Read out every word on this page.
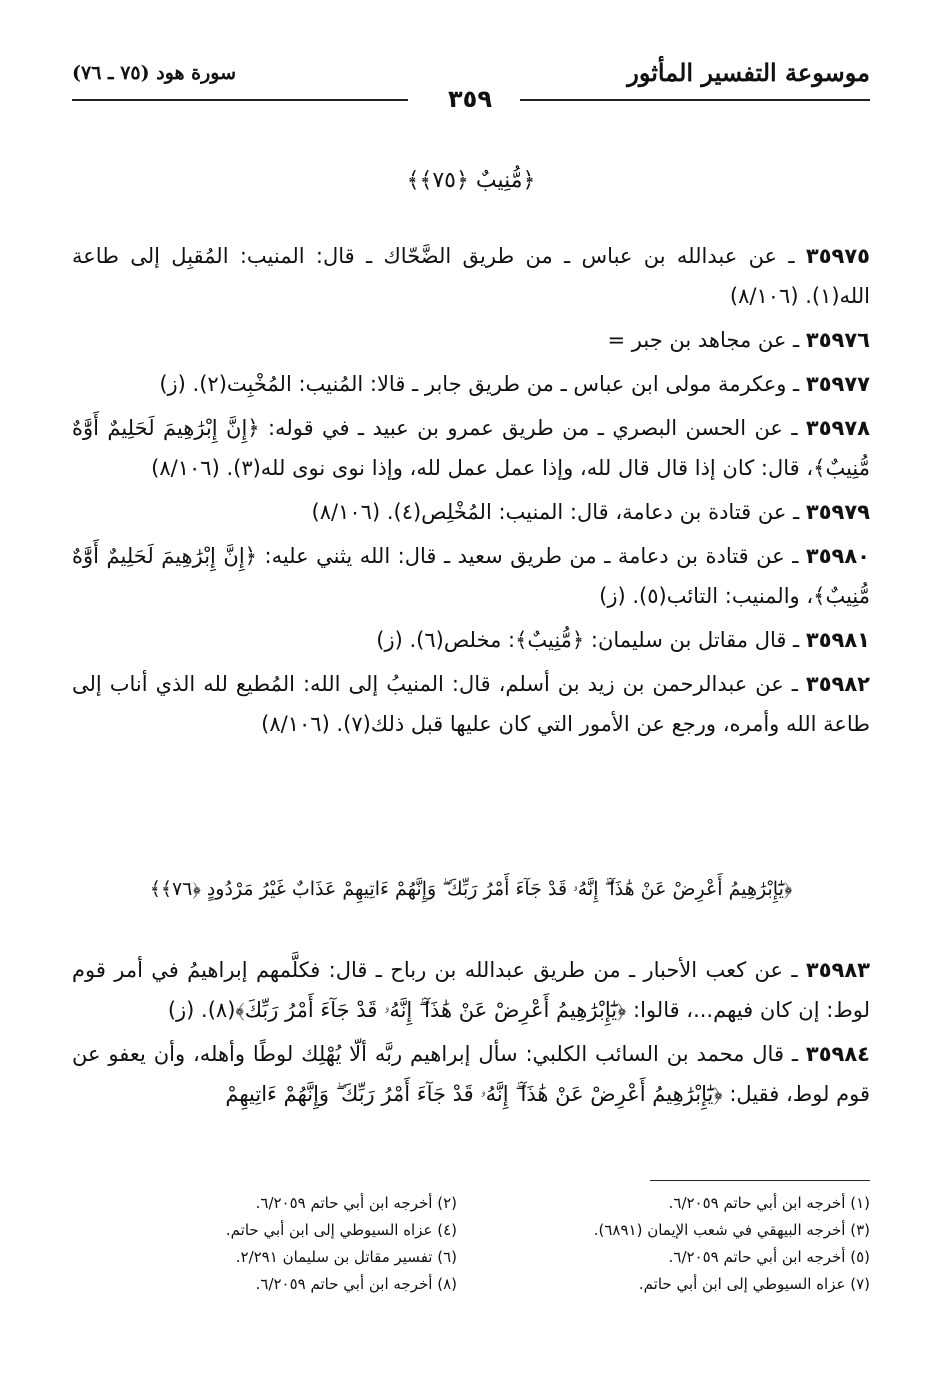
موسوعة التفسير المأثور
سورة هود (٧٥ ـ ٧٦)
٣٥٩
﴿مُّنِيبٌ ﴿٧٥﴾﴾

٣٥٩٧٥ ـ عن عبدالله بن عباس ـ من طريق الضَّحّاك ـ قال: المنيب: المُقبِل إلى طاعة الله(١). (٨/١٠٦)

٣٥٩٧٦ ـ عن مجاهد بن جبر =

٣٥٩٧٧ ـ وعكرمة مولى ابن عباس ـ من طريق جابر ـ قالا: المُنيب: المُخْبِت(٢). (ز)

٣٥٩٧٨ ـ عن الحسن البصري ـ من طريق عمرو بن عبيد ـ في قوله: ﴿إِنَّ إِبْرَٰهِيمَ لَحَلِيمٌ أَوَّٰهٌ مُّنِيبٌ﴾، قال: كان إذا قال قال لله، وإذا عمل عمل لله، وإذا نوى نوى لله(٣). (٨/١٠٦)

٣٥٩٧٩ ـ عن قتادة بن دعامة، قال: المنيب: المُخْلِص(٤). (٨/١٠٦)

٣٥٩٨٠ ـ عن قتادة بن دعامة ـ من طريق سعيد ـ قال: الله يثني عليه: ﴿إِنَّ إِبْرَٰهِيمَ لَحَلِيمٌ أَوَّٰهٌ مُّنِيبٌ﴾، والمنيب: التائب(٥). (ز)

٣٥٩٨١ ـ قال مقاتل بن سليمان: ﴿مُّنِيبٌ﴾: مخلص(٦). (ز)

٣٥٩٨٢ ـ عن عبدالرحمن بن زيد بن أسلم، قال: المنيبُ إلى الله: المُطيع لله الذي أناب إلى طاعة الله وأمره، ورجع عن الأمور التي كان عليها قبل ذلك(٧). (٨/١٠٦)

﴿يَٰٓإِبْرَٰهِيمُ أَعْرِضْ عَنْ هَٰذَآ ۖ إِنَّهُۥ قَدْ جَآءَ أَمْرُ رَبِّكَ ۖ وَإِنَّهُمْ ءَاتِيهِمْ عَذَابٌ غَيْرُ مَرْدُودٍ ﴿٧٦﴾﴾

٣٥٩٨٣ ـ عن كعب الأحبار ـ من طريق عبدالله بن رباح ـ قال: فكلَّمهم إبراهيمُ في أمر قوم لوط: إن كان فيهم...، قالوا: ﴿يَٰٓإِبْرَٰهِيمُ أَعْرِضْ عَنْ هَٰذَآ ۖ إِنَّهُۥ قَدْ جَآءَ أَمْرُ رَبِّكَ﴾(٨). (ز)

٣٥٩٨٤ ـ قال محمد بن السائب الكلبي: سأل إبراهيم ربَّه ألّا يُهْلِك لوطًا وأهله، وأن يعفو عن قوم لوط، فقيل: ﴿يَٰٓإِبْرَٰهِيمُ أَعْرِضْ عَنْ هَٰذَآ ۖ إِنَّهُۥ قَدْ جَآءَ أَمْرُ رَبِّكَ ۖ وَإِنَّهُمْ ءَاتِيهِمْ

(١) أخرجه ابن أبي حاتم ٦/٢٠٥٩.
(٣) أخرجه البيهقي في شعب الإيمان (٦٨٩١).
(٥) أخرجه ابن أبي حاتم ٦/٢٠٥٩.
(٧) عزاه السيوطي إلى ابن أبي حاتم.
(٢) أخرجه ابن أبي حاتم ٦/٢٠٥٩.
(٤) عزاه السيوطي إلى ابن أبي حاتم.
(٦) تفسير مقاتل بن سليمان ٢/٢٩١.
(٨) أخرجه ابن أبي حاتم ٦/٢٠٥٩.
